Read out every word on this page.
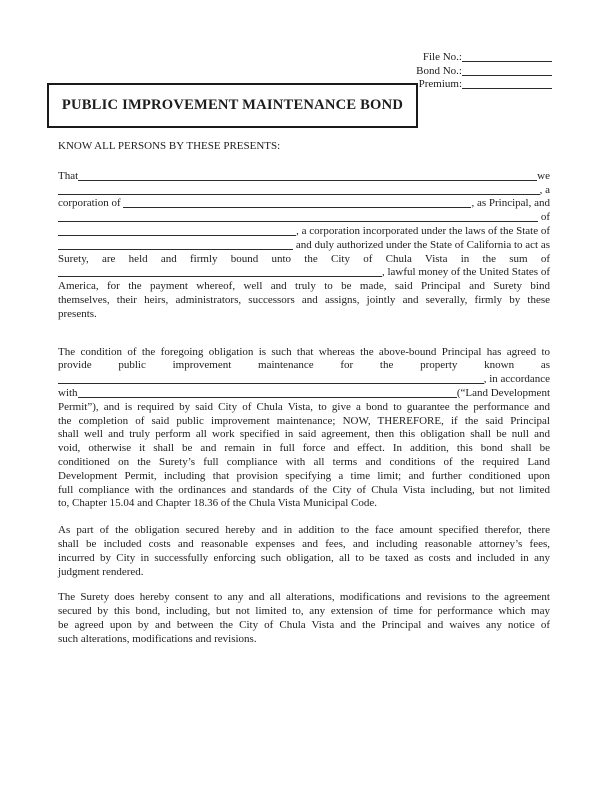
File No.:
Bond No.:
Premium:
PUBLIC IMPROVEMENT MAINTENANCE BOND
KNOW ALL PERSONS BY THESE PRESENTS:
That	we
, a
corporation of	, as Principal, and
of
, a corporation incorporated under the laws of the State of
and duly authorized under the State of California to act as
Surety, are held and firmly bound unto the City of Chula Vista in the sum of
, lawful money of the United States of
America, for the payment whereof, well and truly to be made, said Principal and Surety bind
themselves, their heirs, administrators, successors and assigns, jointly and severally, firmly by these
presents.
The condition of the foregoing obligation is such that whereas the above-bound Principal has agreed to
provide public improvement maintenance for the property known as
, in accordance
with	(“Land Development
Permit”), and is required by said City of Chula Vista, to give a bond to guarantee the performance and
the completion of said public improvement maintenance; NOW, THEREFORE, if the said Principal
shall well and truly perform all work specified in said agreement, then this obligation shall be null and
void, otherwise it shall be and remain in full force and effect. In addition, this bond shall be
conditioned on the Surety’s full compliance with all terms and conditions of the required Land
Development Permit, including that provision specifying a time limit; and further conditioned upon
full compliance with the ordinances and standards of the City of Chula Vista including, but not limited
to, Chapter 15.04 and Chapter 18.36 of the Chula Vista Municipal Code.
As part of the obligation secured hereby and in addition to the face amount specified therefor, there
shall be included costs and reasonable expenses and fees, and including reasonable attorney’s fees,
incurred by City in successfully enforcing such obligation, all to be taxed as costs and included in any
judgment rendered.
The Surety does hereby consent to any and all alterations, modifications and revisions to the agreement
secured by this bond, including, but not limited to, any extension of time for performance which may
be agreed upon by and between the City of Chula Vista and the Principal and waives any notice of
such alterations, modifications and revisions.
